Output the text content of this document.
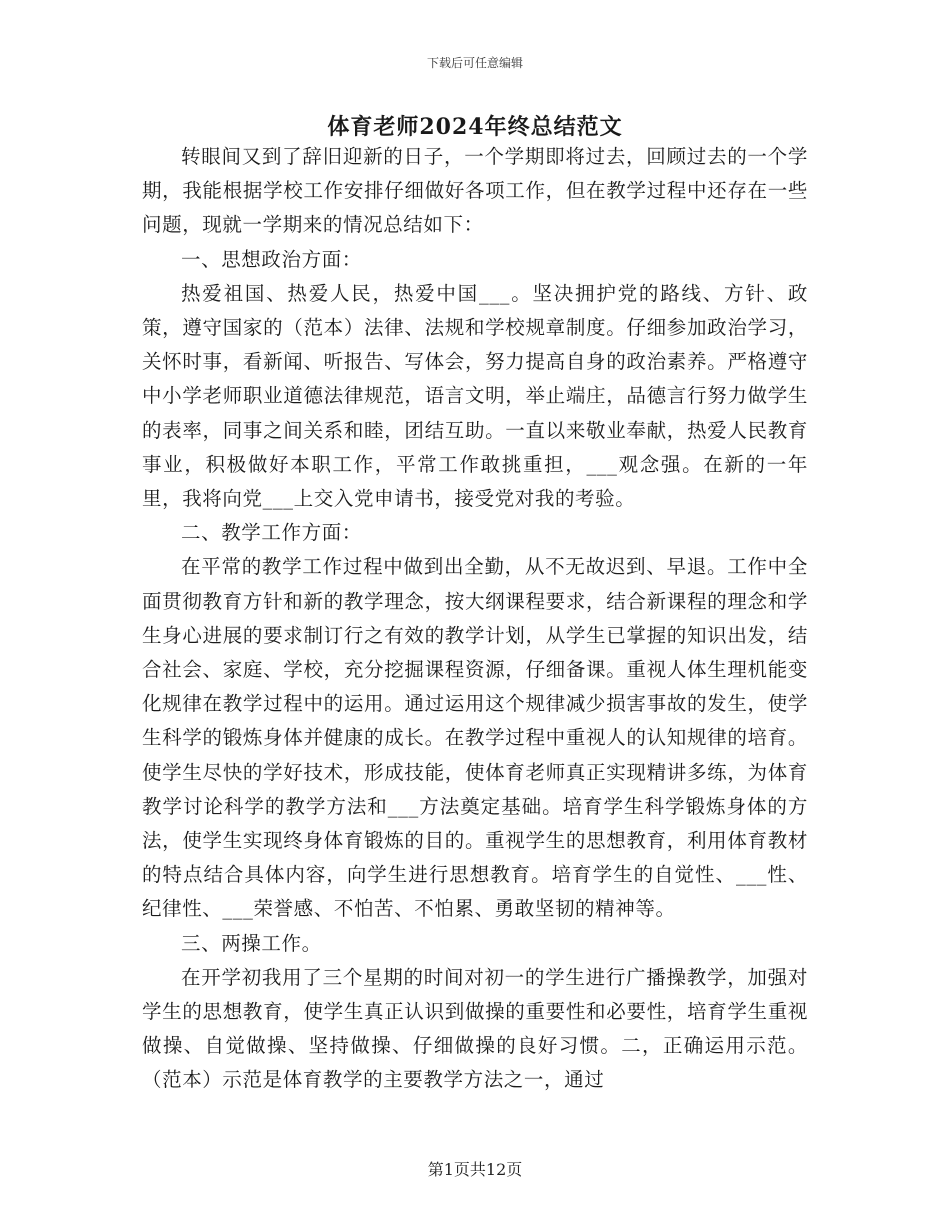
下载后可任意编辑
体育老师2024年终总结范文

转眼间又到了辞旧迎新的日子，一个学期即将过去，回顾过去的一个学期，我能根据学校工作安排仔细做好各项工作，但在教学过程中还存在一些问题，现就一学期来的情况总结如下：

一、思想政治方面：

热爱祖国、热爱人民，热爱中国___。坚决拥护党的路线、方针、政策，遵守国家的（范本）法律、法规和学校规章制度。仔细参加政治学习，关怀时事，看新闻、听报告、写体会，努力提高自身的政治素养。严格遵守中小学老师职业道德法律规范，语言文明，举止端庄，品德言行努力做学生的表率，同事之间关系和睦，团结互助。一直以来敬业奉献，热爱人民教育事业，积极做好本职工作，平常工作敢挑重担，___观念强。在新的一年里，我将向党___上交入党申请书，接受党对我的考验。

二、教学工作方面：

在平常的教学工作过程中做到出全勤，从不无故迟到、早退。工作中全面贯彻教育方针和新的教学理念，按大纲课程要求，结合新课程的理念和学生身心进展的要求制订行之有效的教学计划，从学生已掌握的知识出发，结合社会、家庭、学校，充分挖掘课程资源，仔细备课。重视人体生理机能变化规律在教学过程中的运用。通过运用这个规律减少损害事故的发生，使学生科学的锻炼身体并健康的成长。在教学过程中重视人的认知规律的培育。使学生尽快的学好技术，形成技能，使体育老师真正实现精讲多练，为体育教学讨论科学的教学方法和___方法奠定基础。培育学生科学锻炼身体的方法，使学生实现终身体育锻炼的目的。重视学生的思想教育，利用体育教材的特点结合具体内容，向学生进行思想教育。培育学生的自觉性、___性、纪律性、___荣誉感、不怕苦、不怕累、勇敢坚韧的精神等。

三、两操工作。

在开学初我用了三个星期的时间对初一的学生进行广播操教学，加强对学生的思想教育，使学生真正认识到做操的重要性和必要性，培育学生重视做操、自觉做操、坚持做操、仔细做操的良好习惯。二，正确运用示范。（范本）示范是体育教学的主要教学方法之一，通过

第1页共12页
